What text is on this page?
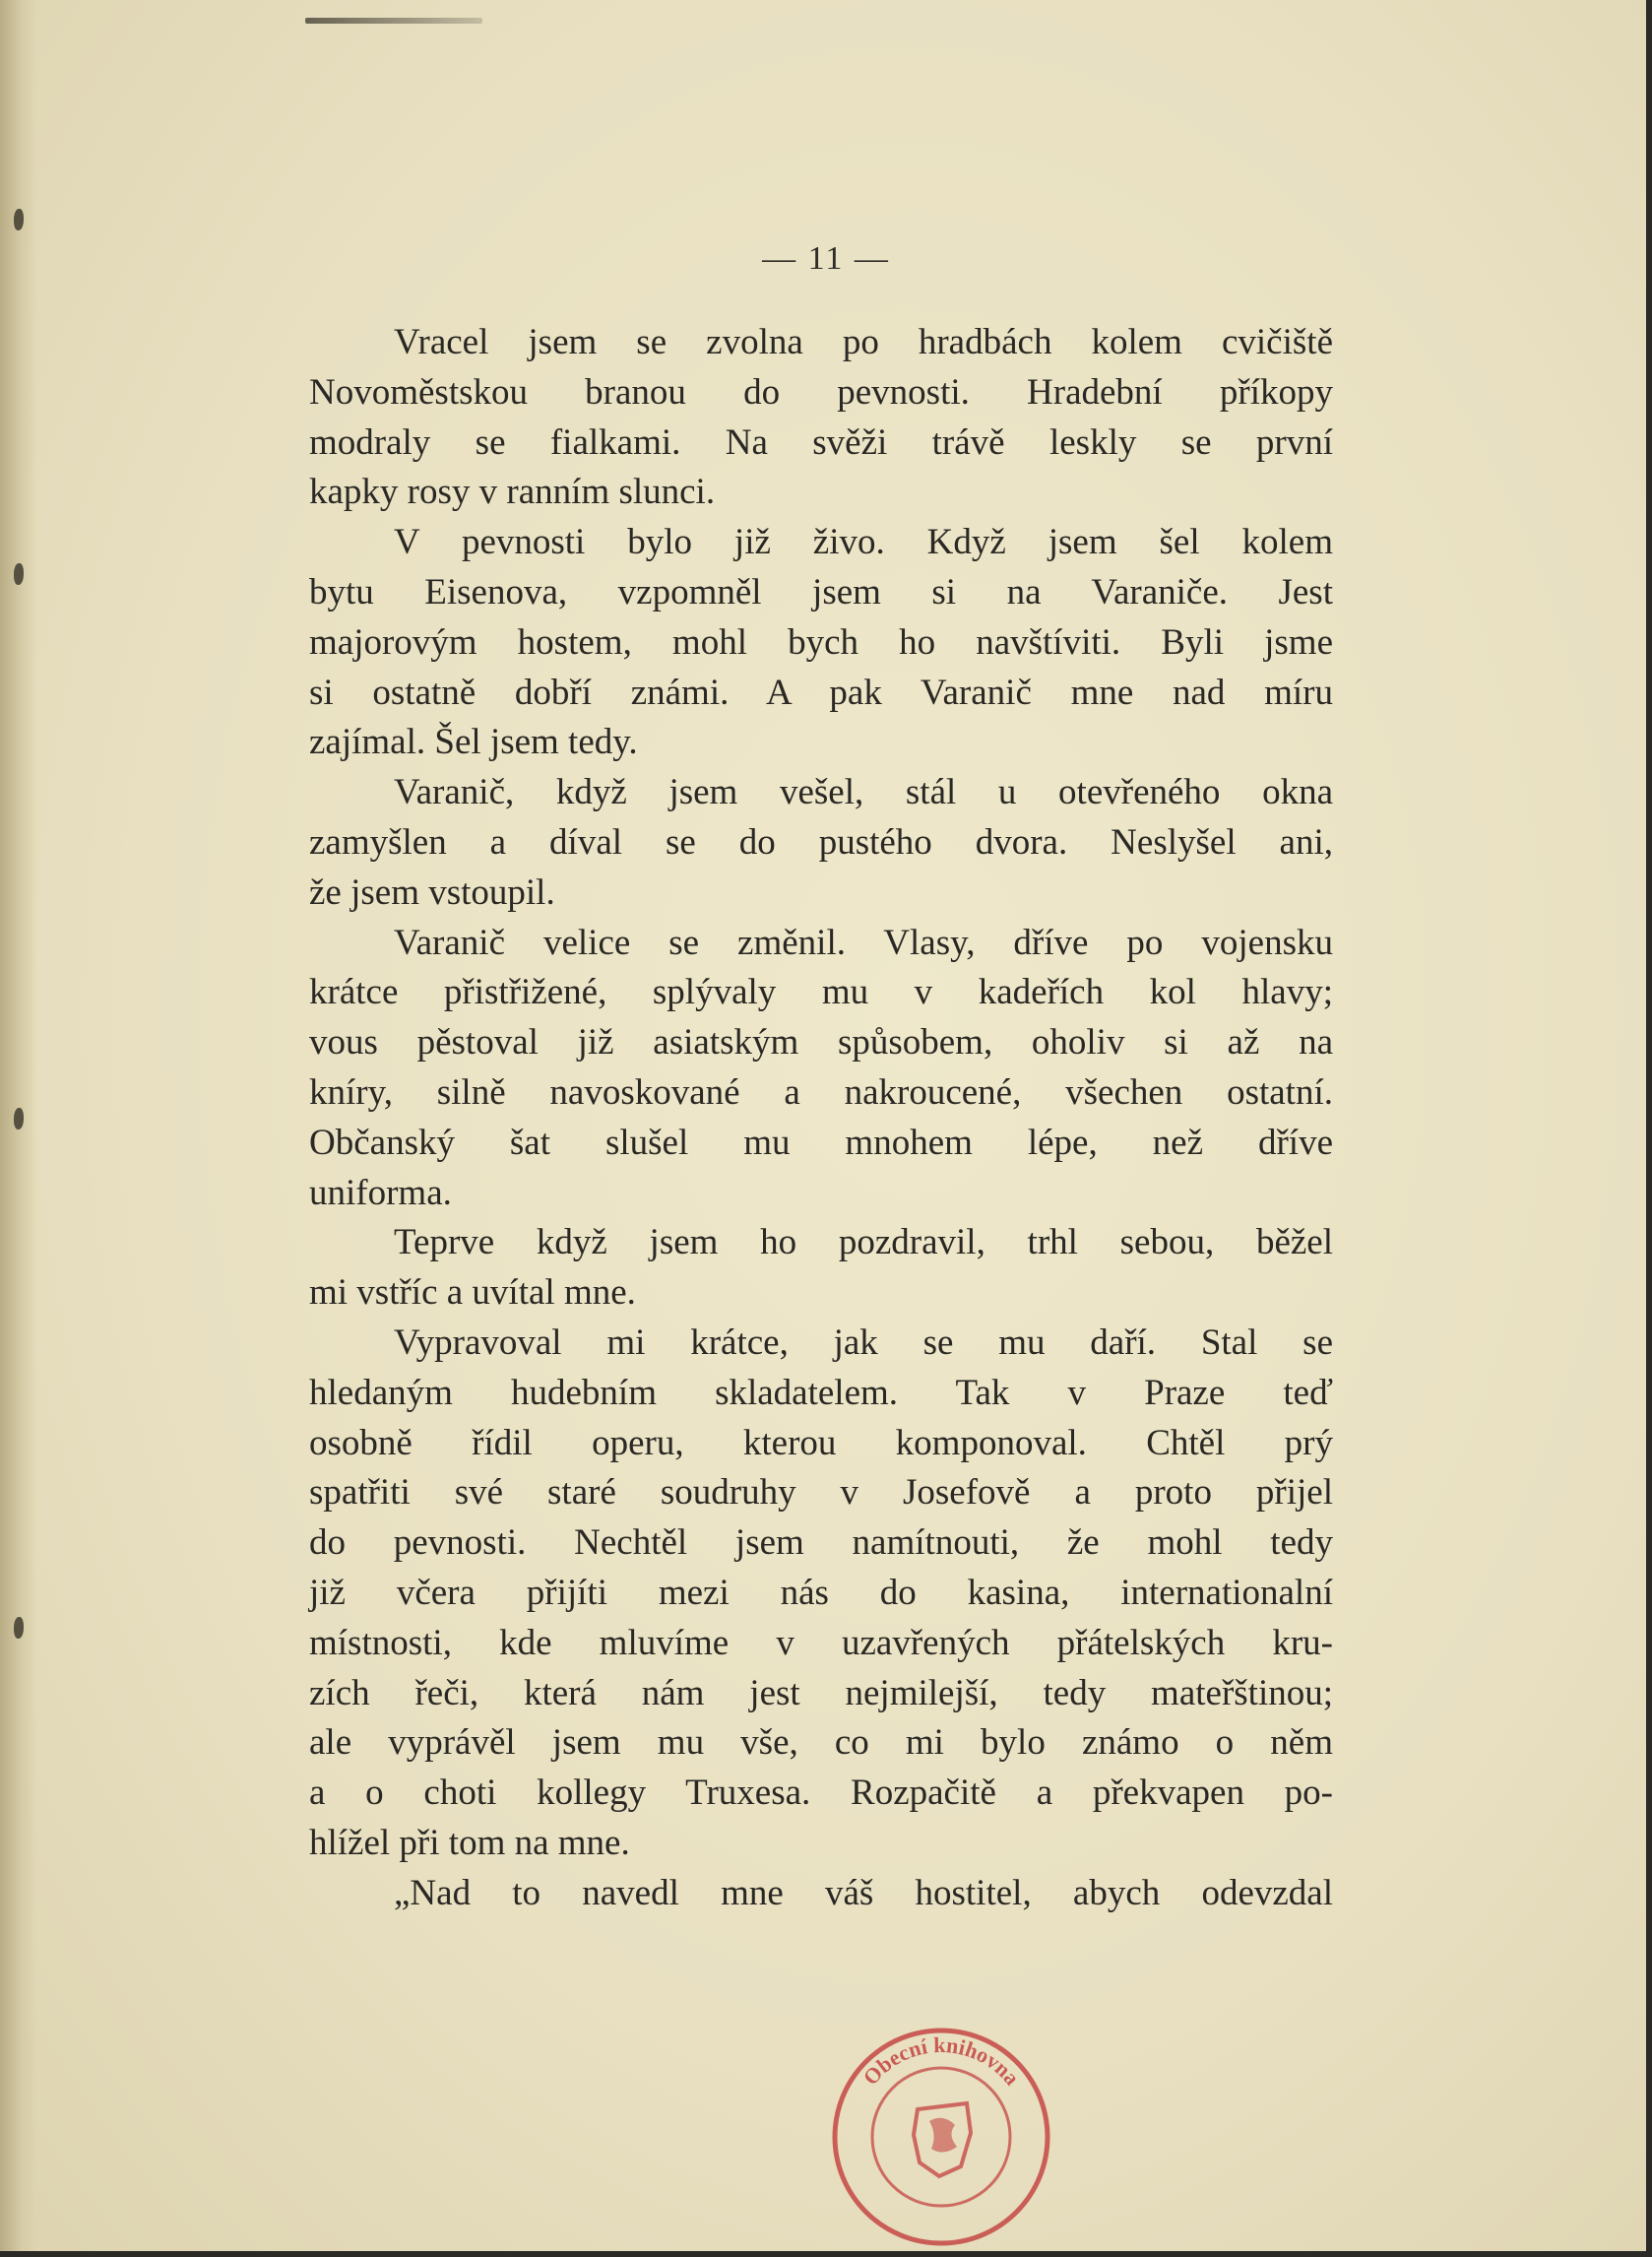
— 11 —
Vracel jsem se zvolna po hradbách kolem cvičiště
Novoměstskou branou do pevnosti. Hradební příkopy
modraly se fialkami. Na svěži trávě leskly se první
kapky rosy v ranním slunci.
V pevnosti bylo již živo. Když jsem šel kolem
bytu Eisenova, vzpomněl jsem si na Varaniče. Jest
majorovým hostem, mohl bych ho navštíviti. Byli jsme
si ostatně dobří známi. A pak Varanič mne nad míru
zajímal. Šel jsem tedy.
Varanič, když jsem vešel, stál u otevřeného okna
zamyšlen a díval se do pustého dvora. Neslyšel ani,
že jsem vstoupil.
Varanič velice se změnil. Vlasy, dříve po vojensku
krátce přistřižené, splývaly mu v kadeřích kol hlavy;
vous pěstoval již asiatským spůsobem, oholiv si až na
kníry, silně navoskované a nakroucené, všechen ostatní.
Občanský šat slušel mu mnohem lépe, než dříve
uniforma.
Teprve když jsem ho pozdravil, trhl sebou, běžel
mi vstříc a uvítal mne.
Vypravoval mi krátce, jak se mu daří. Stal se
hledaným hudebním skladatelem. Tak v Praze teď
osobně řídil operu, kterou komponoval. Chtěl prý
spatřiti své staré soudruhy v Josefově a proto přijel
do pevnosti. Nechtěl jsem namítnouti, že mohl tedy
již včera přijíti mezi nás do kasina, internationalní
místnosti, kde mluvíme v uzavřených přátelských kru-
zích řeči, která nám jest nejmilejší, tedy mateřštinou;
ale vyprávěl jsem mu vše, co mi bylo známo o něm
a o choti kollegy Truxesa. Rozpačitě a překvapen po-
hlížel při tom na mne.
„Nad to navedl mne váš hostitel, abych odevzdal
Obecní knihovna
